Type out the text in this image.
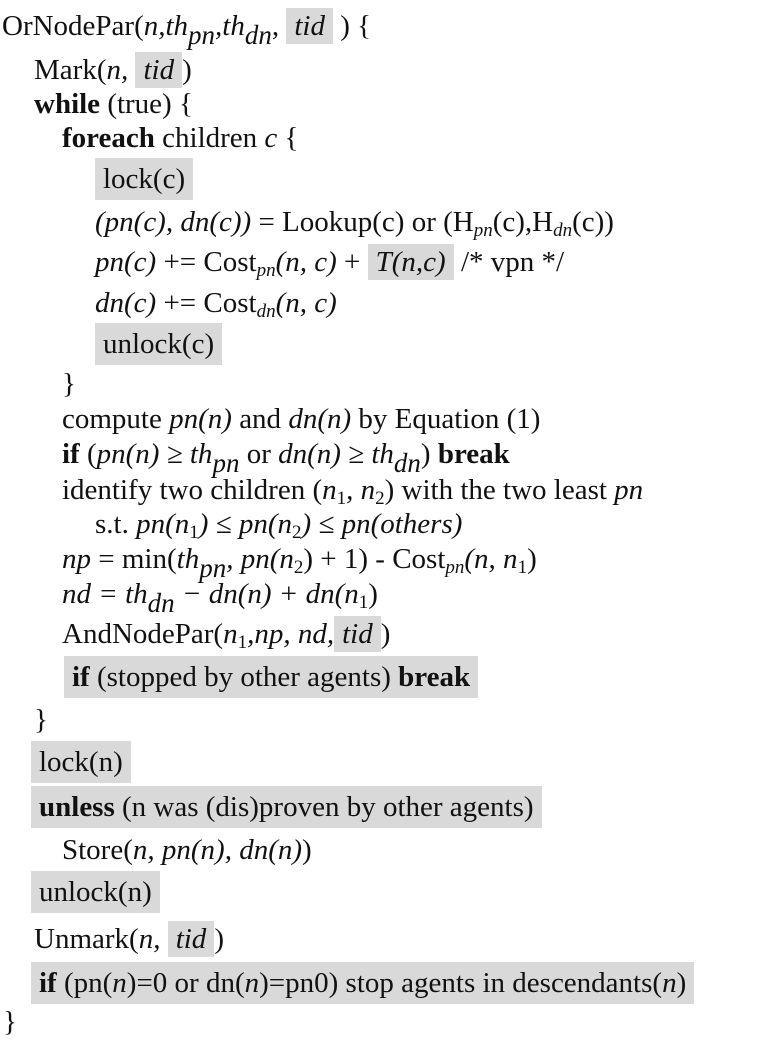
OrNodePar(n,thpn,thdn, tid ) {
Mark(n, tid )
while (true) {
foreach children c {
lock(c)
(pn(c), dn(c)) = Lookup(c) or $(H_{pn}(c),H_{dn}(c))$
pn(c) += Cost$_{pn}$(n, c) + T(n,c) /* vpn */
dn(c) += Cost$_{dn}$(n, c)
unlock(c)
}
compute pn(n) and dn(n) by Equation (1)
if (pn(n) ≥ thpn or dn(n) ≥ thdn) break
identify two children (n1, n2) with the two least pn
s.t. pn(n1) ≤ pn(n2) ≤ pn(others)
np = min(thpn, pn(n2) + 1) - Cost$_{pn}$(n, n1)
nd = thdn − dn(n) + dn(n1)
AndNodePar(n1,np, nd, tid )
if (stopped by other agents) break
}
lock(n)
unless (n was (dis)proven by other agents)
Store(n, pn(n), dn(n))
unlock(n)
Unmark(n, tid )
if (pn(n)=0 or dn(n)=pn0) stop agents in descendants(n)
}
